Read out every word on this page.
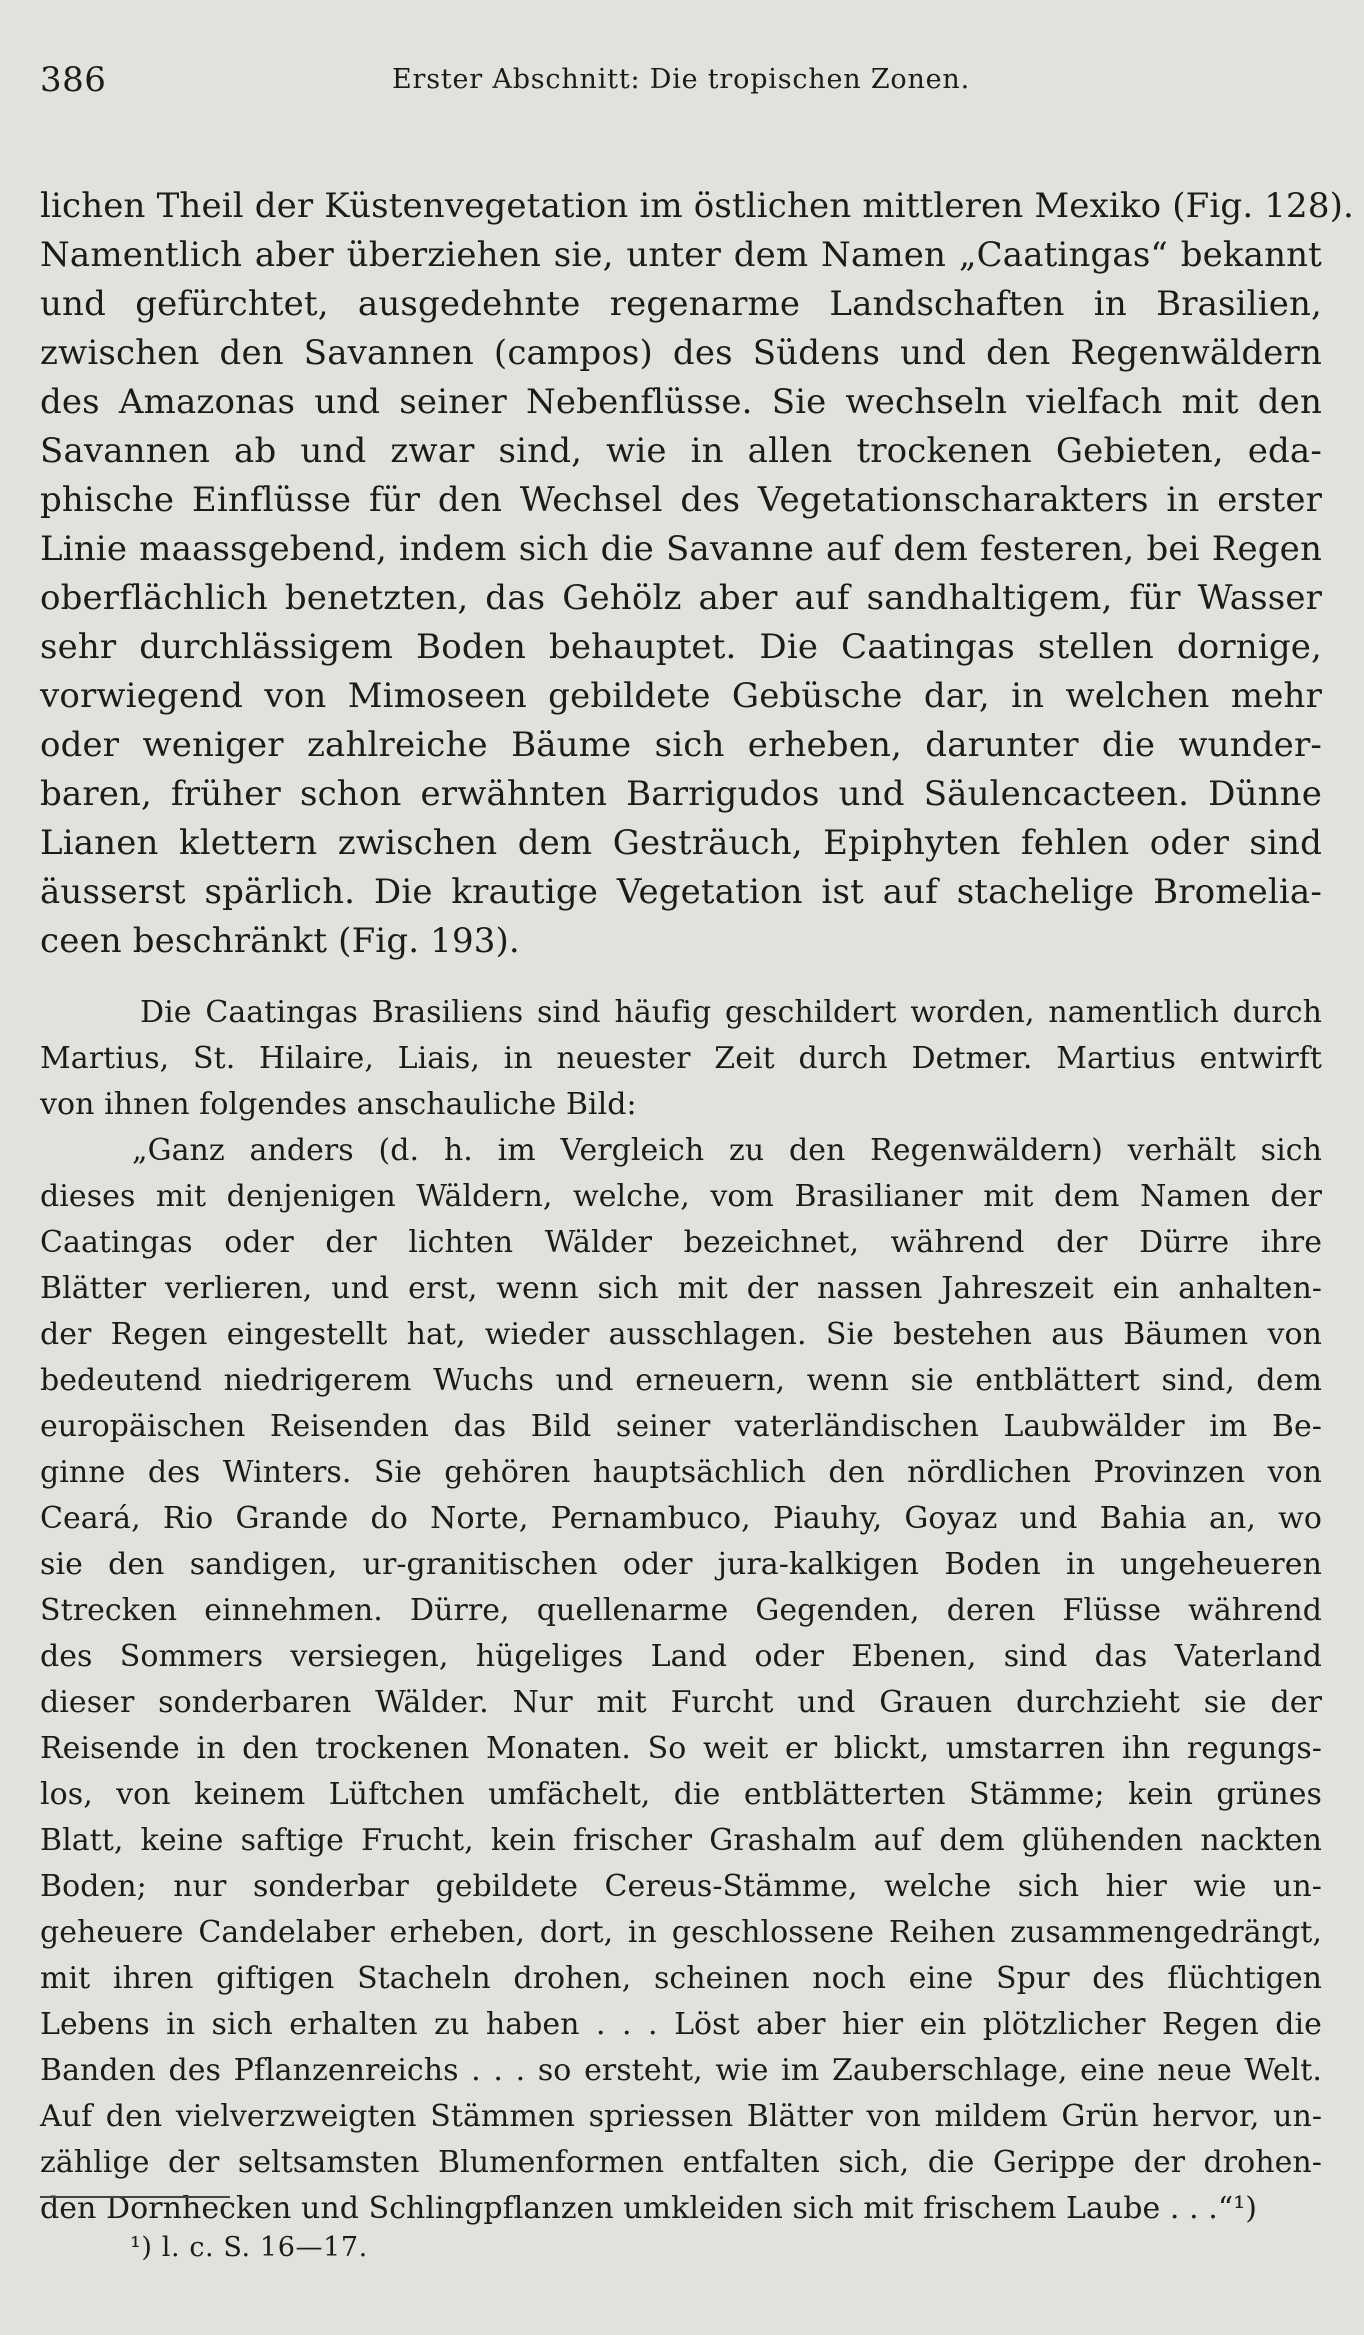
386	Erster Abschnitt: Die tropischen Zonen.
lichen Theil der Küstenvegetation im östlichen mittleren Mexiko (Fig. 128).
Namentlich aber überziehen sie, unter dem Namen „Caatingas“ bekannt
und gefürchtet, ausgedehnte regenarme Landschaften in Brasilien,
zwischen den Savannen (campos) des Südens und den Regenwäldern
des Amazonas und seiner Nebenflüsse. Sie wechseln vielfach mit den
Savannen ab und zwar sind, wie in allen trockenen Gebieten, eda-
phische Einflüsse für den Wechsel des Vegetationscharakters in erster
Linie maassgebend, indem sich die Savanne auf dem festeren, bei Regen
oberflächlich benetzten, das Gehölz aber auf sandhaltigem, für Wasser
sehr durchlässigem Boden behauptet. Die Caatingas stellen dornige,
vorwiegend von Mimoseen gebildete Gebüsche dar, in welchen mehr
oder weniger zahlreiche Bäume sich erheben, darunter die wunder-
baren, früher schon erwähnten Barrigudos und Säulencacteen. Dünne
Lianen klettern zwischen dem Gesträuch, Epiphyten fehlen oder sind
äusserst spärlich. Die krautige Vegetation ist auf stachelige Bromelia-
ceen beschränkt (Fig. 193).
Die Caatingas Brasiliens sind häufig geschildert worden, namentlich durch
Martius, St. Hilaire, Liais, in neuester Zeit durch Detmer. Martius entwirft
von ihnen folgendes anschauliche Bild:
„Ganz anders (d. h. im Vergleich zu den Regenwäldern) verhält sich
dieses mit denjenigen Wäldern, welche, vom Brasilianer mit dem Namen der
Caatingas oder der lichten Wälder bezeichnet, während der Dürre ihre
Blätter verlieren, und erst, wenn sich mit der nassen Jahreszeit ein anhalten-
der Regen eingestellt hat, wieder ausschlagen. Sie bestehen aus Bäumen von
bedeutend niedrigerem Wuchs und erneuern, wenn sie entblättert sind, dem
europäischen Reisenden das Bild seiner vaterländischen Laubwälder im Be-
ginne des Winters. Sie gehören hauptsächlich den nördlichen Provinzen von
Ceará, Rio Grande do Norte, Pernambuco, Piauhy, Goyaz und Bahia an, wo
sie den sandigen, ur-granitischen oder jura-kalkigen Boden in ungeheueren
Strecken einnehmen. Dürre, quellenarme Gegenden, deren Flüsse während
des Sommers versiegen, hügeliges Land oder Ebenen, sind das Vaterland
dieser sonderbaren Wälder. Nur mit Furcht und Grauen durchzieht sie der
Reisende in den trockenen Monaten. So weit er blickt, umstarren ihn regungs-
los, von keinem Lüftchen umfächelt, die entblätterten Stämme; kein grünes
Blatt, keine saftige Frucht, kein frischer Grashalm auf dem glühenden nackten
Boden; nur sonderbar gebildete Cereus-Stämme, welche sich hier wie un-
geheuere Candelaber erheben, dort, in geschlossene Reihen zusammengedrängt,
mit ihren giftigen Stacheln drohen, scheinen noch eine Spur des flüchtigen
Lebens in sich erhalten zu haben . . . Löst aber hier ein plötzlicher Regen die
Banden des Pflanzenreichs . . . so ersteht, wie im Zauberschlage, eine neue Welt.
Auf den vielverzweigten Stämmen spriessen Blätter von mildem Grün hervor, un-
zählige der seltsamsten Blumenformen entfalten sich, die Gerippe der drohen-
den Dornhecken und Schlingpflanzen umkleiden sich mit frischem Laube . . .“¹)
¹) l. c. S. 16—17.
